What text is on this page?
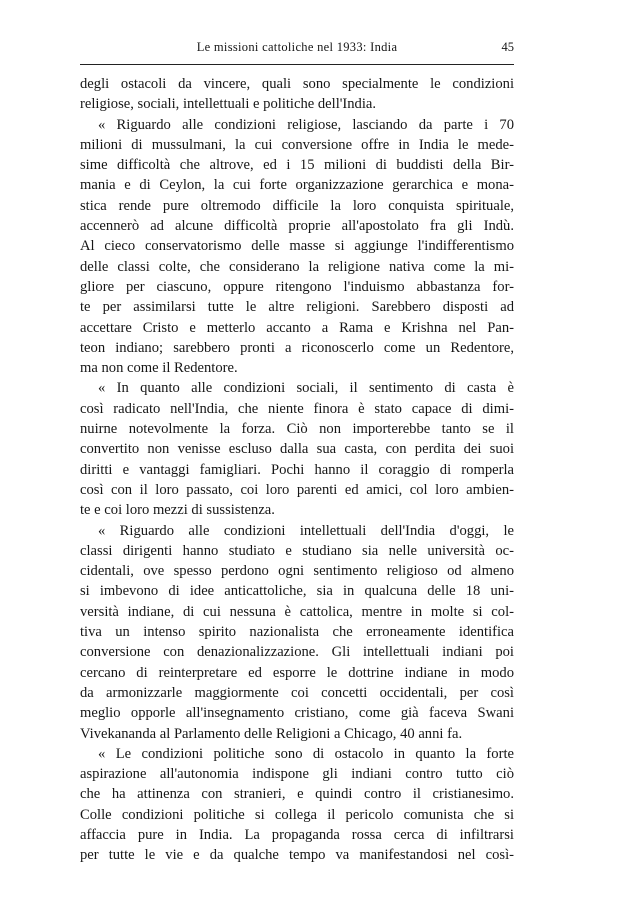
Le missioni cattoliche nel 1933: India	45
degli ostacoli da vincere, quali sono specialmente le condizioni
religiose, sociali, intellettuali e politiche dell'India.
« Riguardo alle condizioni religiose, lasciando da parte i 70
milioni di mussulmani, la cui conversione offre in India le mede-
sime difficoltà che altrove, ed i 15 milioni di buddisti della Bir-
mania e di Ceylon, la cui forte organizzazione gerarchica e mona-
stica rende pure oltremodo difficile la loro conquista spirituale,
accennerò ad alcune difficoltà proprie all'apostolato fra gli Indù.
Al cieco conservatorismo delle masse si aggiunge l'indifferentismo
delle classi colte, che considerano la religione nativa come la mi-
gliore per ciascuno, oppure ritengono l'induismo abbastanza for-
te per assimilarsi tutte le altre religioni. Sarebbero disposti ad
accettare Cristo e metterlo accanto a Rama e Krishna nel Pan-
teon indiano; sarebbero pronti a riconoscerlo come un Redentore,
ma non come il Redentore.
« In quanto alle condizioni sociali, il sentimento di casta è
così radicato nell'India, che niente finora è stato capace di dimi-
nuirne notevolmente la forza. Ciò non importerebbe tanto se il
convertito non venisse escluso dalla sua casta, con perdita dei suoi
diritti e vantaggi famigliari. Pochi hanno il coraggio di romperla
così con il loro passato, coi loro parenti ed amici, col loro ambien-
te e coi loro mezzi di sussistenza.
« Riguardo alle condizioni intellettuali dell'India d'oggi, le
classi dirigenti hanno studiato e studiano sia nelle università oc-
cidentali, ove spesso perdono ogni sentimento religioso od almeno
si imbevono di idee anticattoliche, sia in qualcuna delle 18 uni-
versità indiane, di cui nessuna è cattolica, mentre in molte si col-
tiva un intenso spirito nazionalista che erroneamente identifica
conversione con denazionalizzazione. Gli intellettuali indiani poi
cercano di reinterpretare ed esporre le dottrine indiane in modo
da armonizzarle maggiormente coi concetti occidentali, per così
meglio opporle all'insegnamento cristiano, come già faceva Swani
Vivekananda al Parlamento delle Religioni a Chicago, 40 anni fa.
« Le condizioni politiche sono di ostacolo in quanto la forte
aspirazione all'autonomia indispone gli indiani contro tutto ciò
che ha attinenza con stranieri, e quindi contro il cristianesimo.
Colle condizioni politiche si collega il pericolo comunista che si
affaccia pure in India. La propaganda rossa cerca di infiltrarsi
per tutte le vie e da qualche tempo va manifestandosi nel così-
